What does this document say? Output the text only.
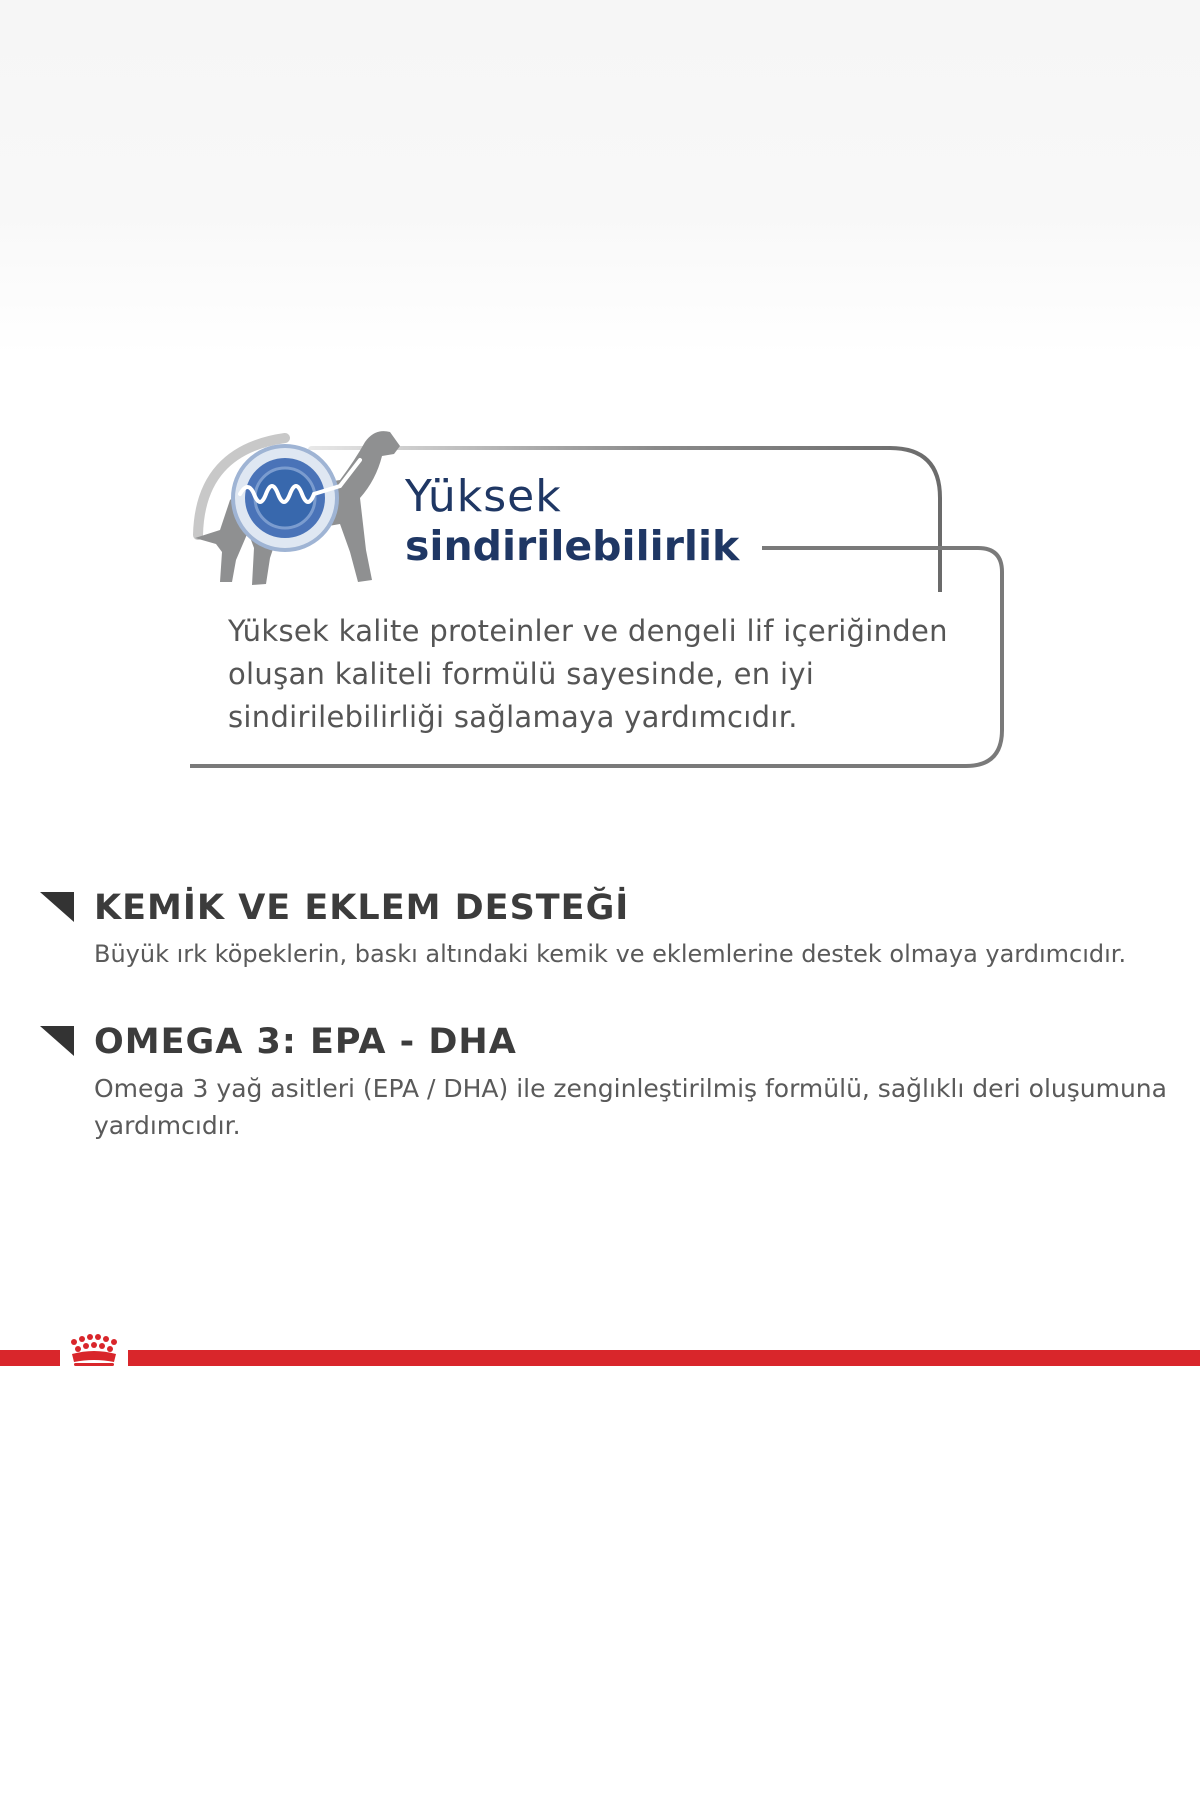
Yüksek
sindirilebilirlik
Yüksek kalite proteinler ve dengeli lif içeriğinden oluşan kaliteli formülü sayesinde, en iyi sindirilebilirliği sağlamaya yardımcıdır.
KEMİK VE EKLEM DESTEĞİ

Büyük ırk köpeklerin, baskı altındaki kemik ve eklemlerine destek olmaya yardımcıdır.

OMEGA 3: EPA - DHA

Omega 3 yağ asitleri (EPA / DHA) ile zenginleştirilmiş formülü, sağlıklı deri oluşumuna yardımcıdır.
